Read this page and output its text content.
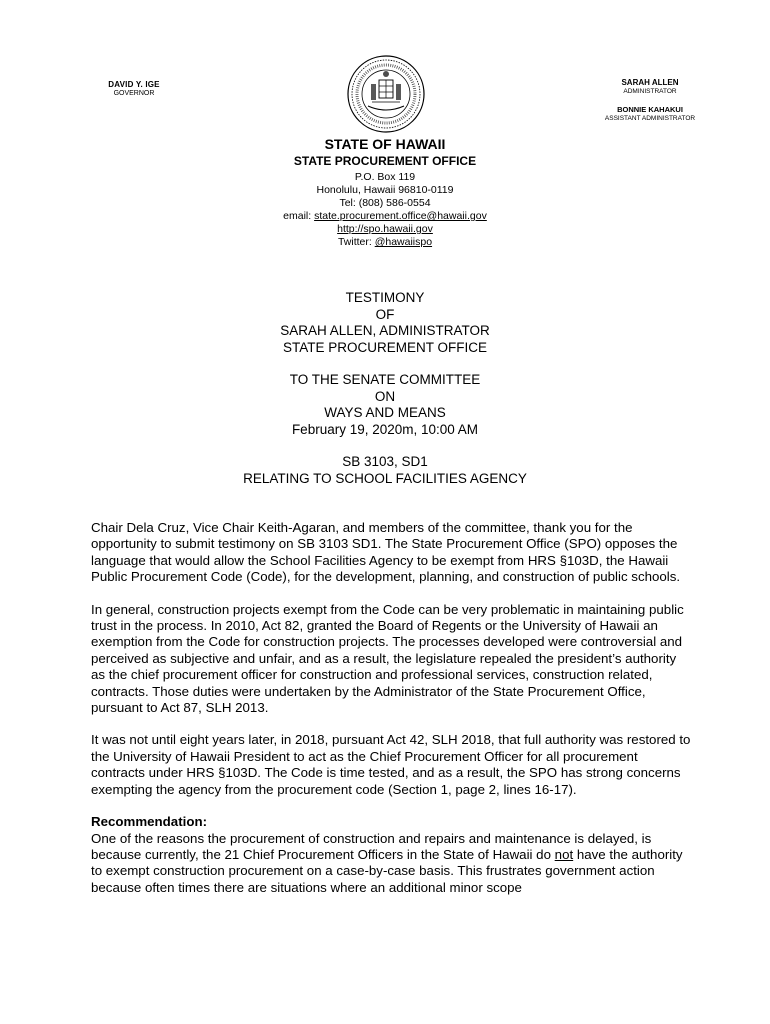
DAVID Y. IGE
GOVERNOR
SARAH ALLEN
ADMINISTRATOR
BONNIE KAHAKUI
ASSISTANT ADMINISTRATOR
STATE OF HAWAII
STATE PROCUREMENT OFFICE
P.O. Box 119
Honolulu, Hawaii 96810-0119
Tel: (808) 586-0554
email: state.procurement.office@hawaii.gov
http://spo.hawaii.gov
Twitter: @hawaiispo
TESTIMONY
OF
SARAH ALLEN, ADMINISTRATOR
STATE PROCUREMENT OFFICE
TO THE SENATE COMMITTEE
ON
WAYS AND MEANS
February 19, 2020m, 10:00 AM
SB 3103, SD1
RELATING TO SCHOOL FACILITIES AGENCY

Chair Dela Cruz, Vice Chair Keith-Agaran, and members of the committee, thank you for the opportunity to submit testimony on SB 3103 SD1. The State Procurement Office (SPO) opposes the language that would allow the School Facilities Agency to be exempt from HRS §103D, the Hawaii Public Procurement Code (Code), for the development, planning, and construction of public schools.

In general, construction projects exempt from the Code can be very problematic in maintaining public trust in the process. In 2010, Act 82, granted the Board of Regents or the University of Hawaii an exemption from the Code for construction projects. The processes developed were controversial and perceived as subjective and unfair, and as a result, the legislature repealed the president’s authority as the chief procurement officer for construction and professional services, construction related, contracts. Those duties were undertaken by the Administrator of the State Procurement Office, pursuant to Act 87, SLH 2013.

It was not until eight years later, in 2018, pursuant Act 42, SLH 2018, that full authority was restored to the University of Hawaii President to act as the Chief Procurement Officer for all procurement contracts under HRS §103D. The Code is time tested, and as a result, the SPO has strong concerns exempting the agency from the procurement code (Section 1, page 2, lines 16-17).

Recommendation:

One of the reasons the procurement of construction and repairs and maintenance is delayed, is because currently, the 21 Chief Procurement Officers in the State of Hawaii do not have the authority to exempt construction procurement on a case-by-case basis. This frustrates government action because often times there are situations where an additional minor scope
